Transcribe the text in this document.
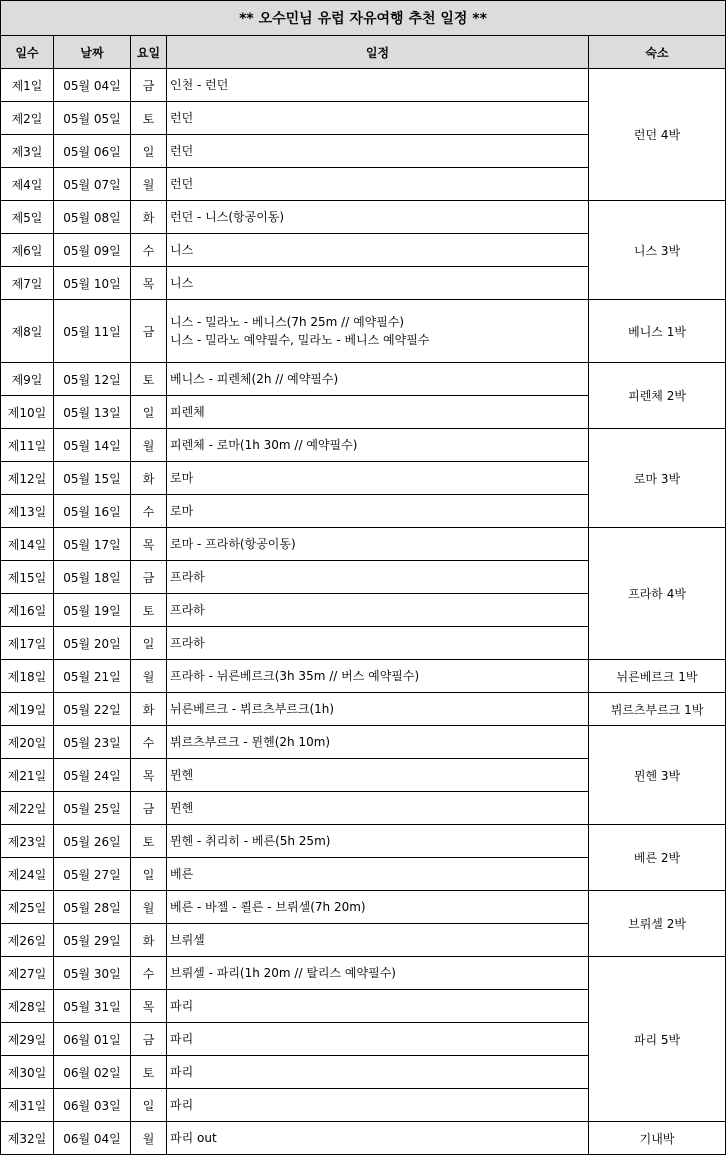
** 오수민님 유럽 자유여행 추천 일정 **				
일수	날짜	요일	일정	숙소
제1일	05월 04일	금	인천 - 런던	런던 4박
제2일	05월 05일	토	런던	

제3일	05월 06일	일	런던	

제4일	05월 07일	월	런던	

제5일	05월 08일	화	런던 - 니스(항공이동)	니스 3박
제6일	05월 09일	수	니스	

제7일	05월 10일	목	니스	

제8일	05월 11일	금	니스 - 밀라노 - 베니스(7h 25m // 예약필수)
니스 - 밀라노 예약필수, 밀라노 - 베니스 예약필수	베니스 1박
제9일	05월 12일	토	베니스 - 피렌체(2h // 예약필수)	피렌체 2박
제10일	05월 13일	일	피렌체	

제11일	05월 14일	월	피렌체 - 로마(1h 30m // 예약필수)	로마 3박
제12일	05월 15일	화	로마	

제13일	05월 16일	수	로마	

제14일	05월 17일	목	로마 - 프라하(항공이동)	프라하 4박
제15일	05월 18일	금	프라하	

제16일	05월 19일	토	프라하	

제17일	05월 20일	일	프라하	

제18일	05월 21일	월	프라하 - 뉘른베르크(3h 35m // 버스 예약필수)	뉘른베르크 1박
제19일	05월 22일	화	뉘른베르크 - 뷔르츠부르크(1h)	뷔르츠부르크 1박
제20일	05월 23일	수	뷔르츠부르크 - 뮌헨(2h 10m)	뮌헨 3박
제21일	05월 24일	목	뮌헨	

제22일	05월 25일	금	뮌헨	

제23일	05월 26일	토	뮌헨 - 취리히 - 베른(5h 25m)	베른 2박
제24일	05월 27일	일	베른	

제25일	05월 28일	월	베른 - 바젤 - 쾰른 - 브뤼셀(7h 20m)	브뤼셀 2박
제26일	05월 29일	화	브뤼셀	

제27일	05월 30일	수	브뤼셀 - 파리(1h 20m // 탈리스 예약필수)	파리 5박
제28일	05월 31일	목	파리	

제29일	06월 01일	금	파리	

제30일	06월 02일	토	파리	

제31일	06월 03일	일	파리	

제32일	06월 04일	월	파리 out	기내박
